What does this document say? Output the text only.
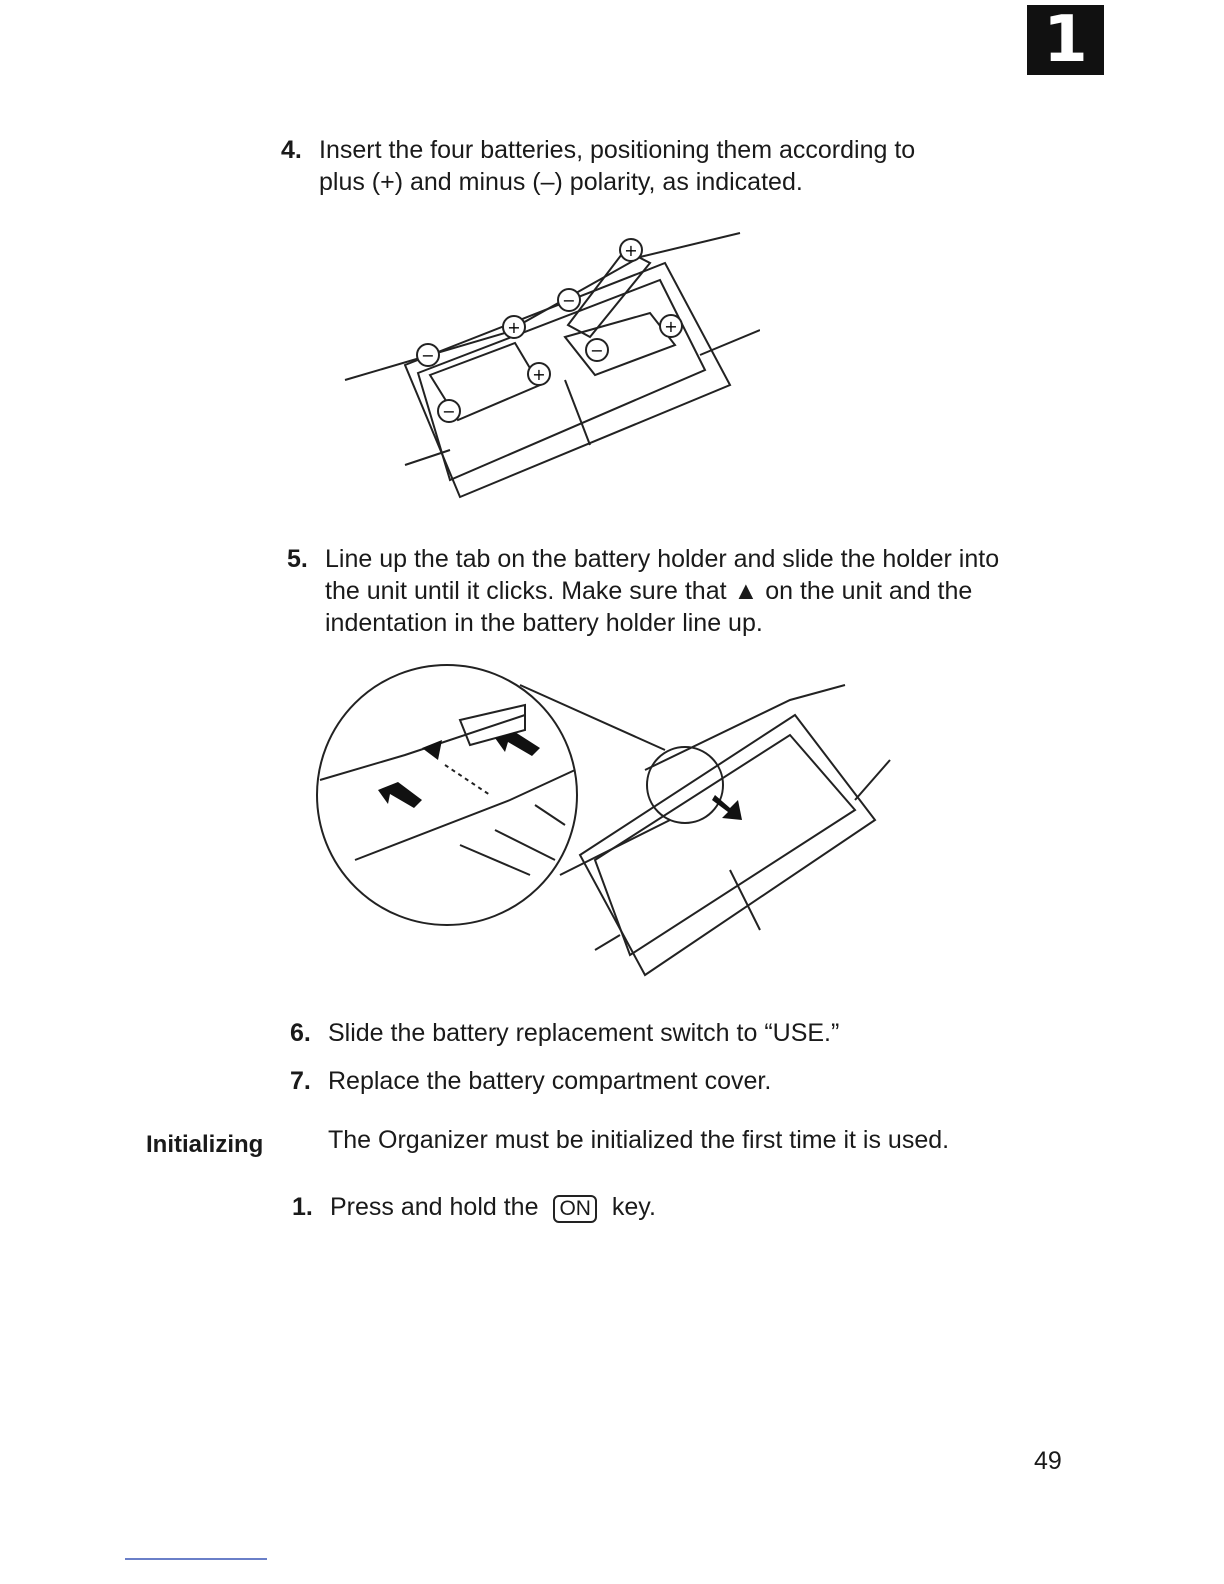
1
4. Insert the four batteries, positioning them according to plus (+) and minus (–) polarity, as indicated.
+
−
+	+
−
−
+
−
5. Line up the tab on the battery holder and slide the holder into the unit until it clicks. Make sure that ▲ on the unit and the indentation in the battery holder line up.
6. Slide the battery replacement switch to “USE.”
7. Replace the battery compartment cover.
Initializing	The Organizer must be initialized the first time it is used.
1. Press and hold the ON key.
49
